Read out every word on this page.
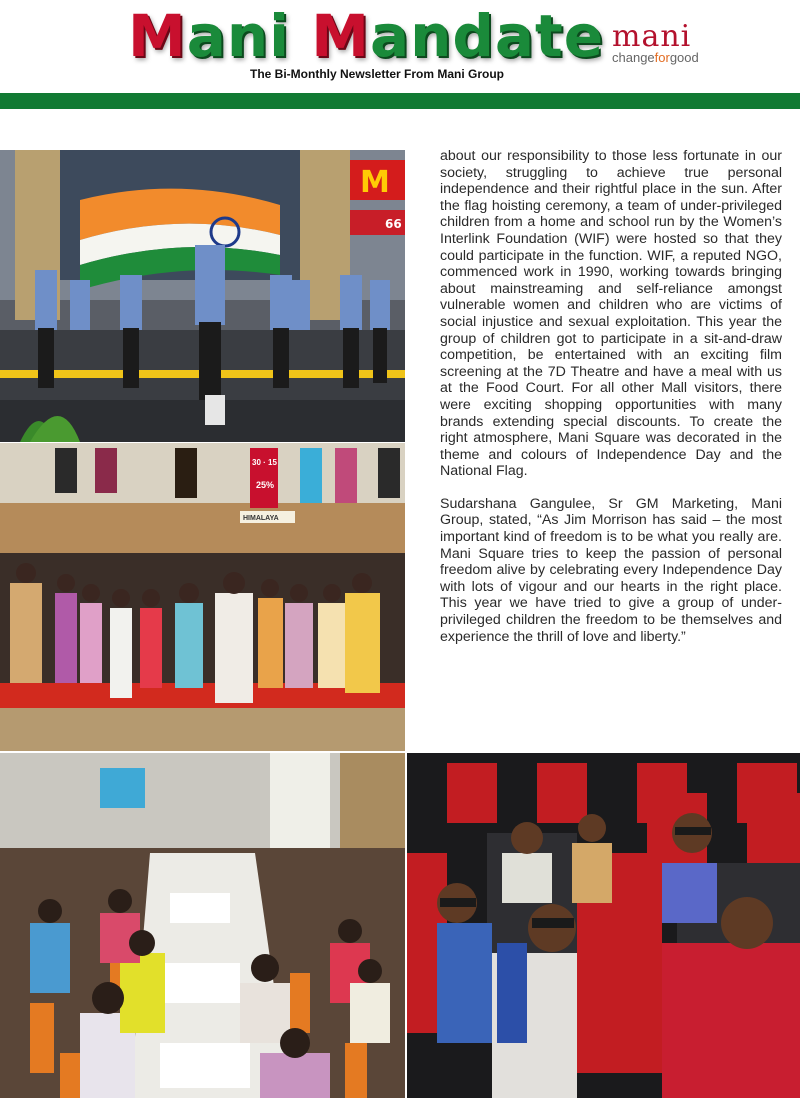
Mani Mandate
The Bi-Monthly Newsletter From Mani Group
mani
changeforgood
M
66
30 · 15
25%
HIMALAYA

about our responsibility to those less fortunate in our society, struggling to achieve true personal independence and their rightful place in the sun. After the flag hoisting ceremony, a team of under-privileged children from a home and school run by the Women’s Interlink Foundation (WIF) were hosted so that they could participate in the function. WIF, a reputed NGO, commenced work in 1990, working towards bringing about mainstreaming and self-reliance amongst vulnerable women and children who are victims of social injustice and sexual exploitation. This year the group of children got to participate in a sit-and-draw competition, be entertained with an exciting film screening at the 7D Theatre and have a meal with us at the Food Court. For all other Mall visitors, there were exciting shopping opportunities with many brands extending special discounts. To create the right atmosphere, Mani Square was decorated in the theme and colours of Independence Day and the National Flag.

Sudarshana Gangulee, Sr GM Marketing, Mani Group, stated, “As Jim Morrison has said – the most important kind of freedom is to be what you really are. Mani Square tries to keep the passion of personal freedom alive by celebrating every Independence Day with lots of vigour and our hearts in the right place. This year we have tried to give a group of under-privileged children the freedom to be themselves and experience the thrill of love and liberty.”
